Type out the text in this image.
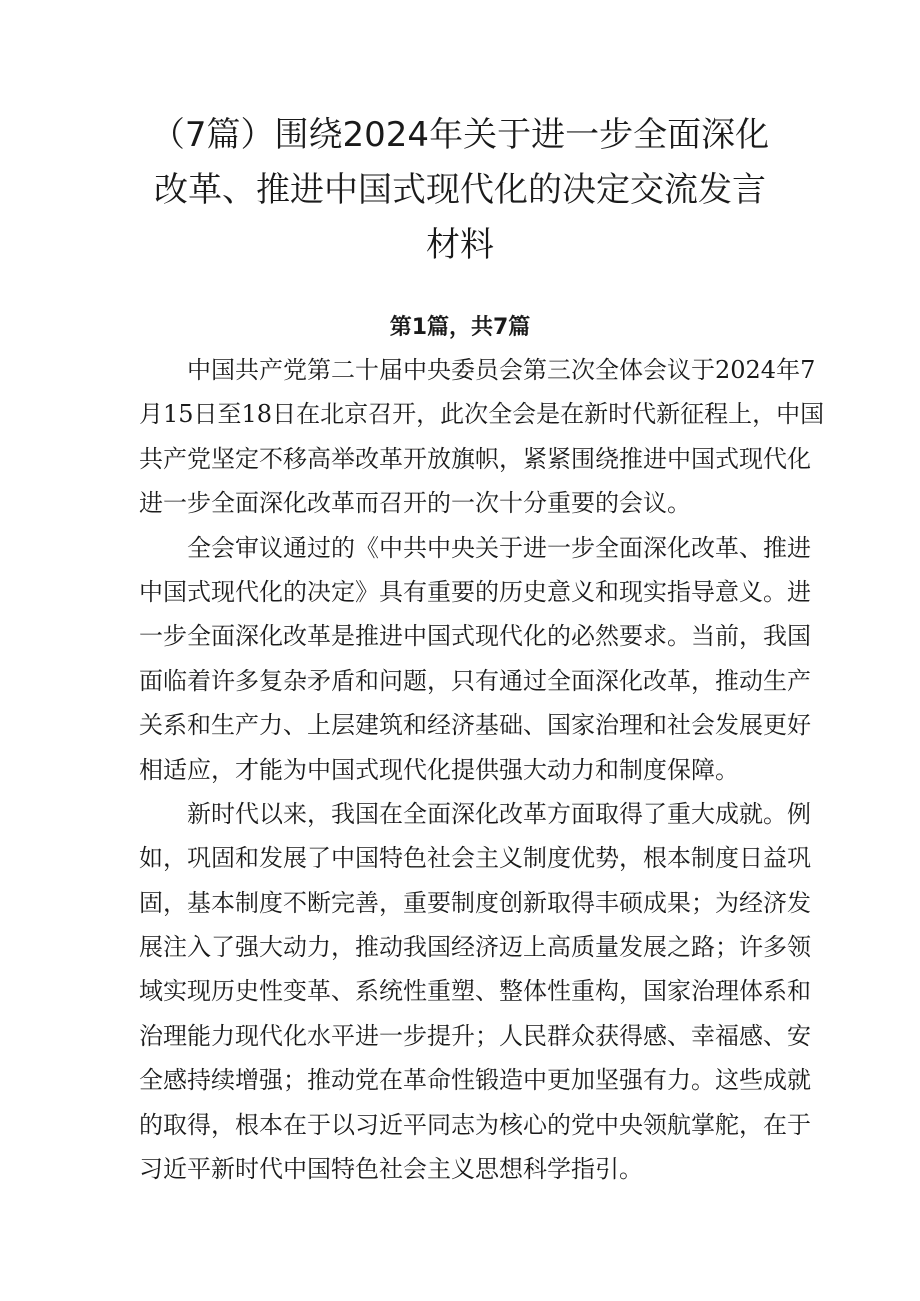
（7篇）围绕2024年关于进一步全面深化
改革、推进中国式现代化的决定交流发言
材料
第1篇，共7篇
中国共产党第二十届中央委员会第三次全体会议于2024年7
月15日至18日在北京召开，此次全会是在新时代新征程上，中国
共产党坚定不移高举改革开放旗帜，紧紧围绕推进中国式现代化
进一步全面深化改革而召开的一次十分重要的会议。
全会审议通过的《中共中央关于进一步全面深化改革、推进
中国式现代化的决定》具有重要的历史意义和现实指导意义。进
一步全面深化改革是推进中国式现代化的必然要求。当前，我国
面临着许多复杂矛盾和问题，只有通过全面深化改革，推动生产
关系和生产力、上层建筑和经济基础、国家治理和社会发展更好
相适应，才能为中国式现代化提供强大动力和制度保障。
新时代以来，我国在全面深化改革方面取得了重大成就。例
如，巩固和发展了中国特色社会主义制度优势，根本制度日益巩
固，基本制度不断完善，重要制度创新取得丰硕成果；为经济发
展注入了强大动力，推动我国经济迈上高质量发展之路；许多领
域实现历史性变革、系统性重塑、整体性重构，国家治理体系和
治理能力现代化水平进一步提升；人民群众获得感、幸福感、安
全感持续增强；推动党在革命性锻造中更加坚强有力。这些成就
的取得，根本在于以习近平同志为核心的党中央领航掌舵，在于
习近平新时代中国特色社会主义思想科学指引。
